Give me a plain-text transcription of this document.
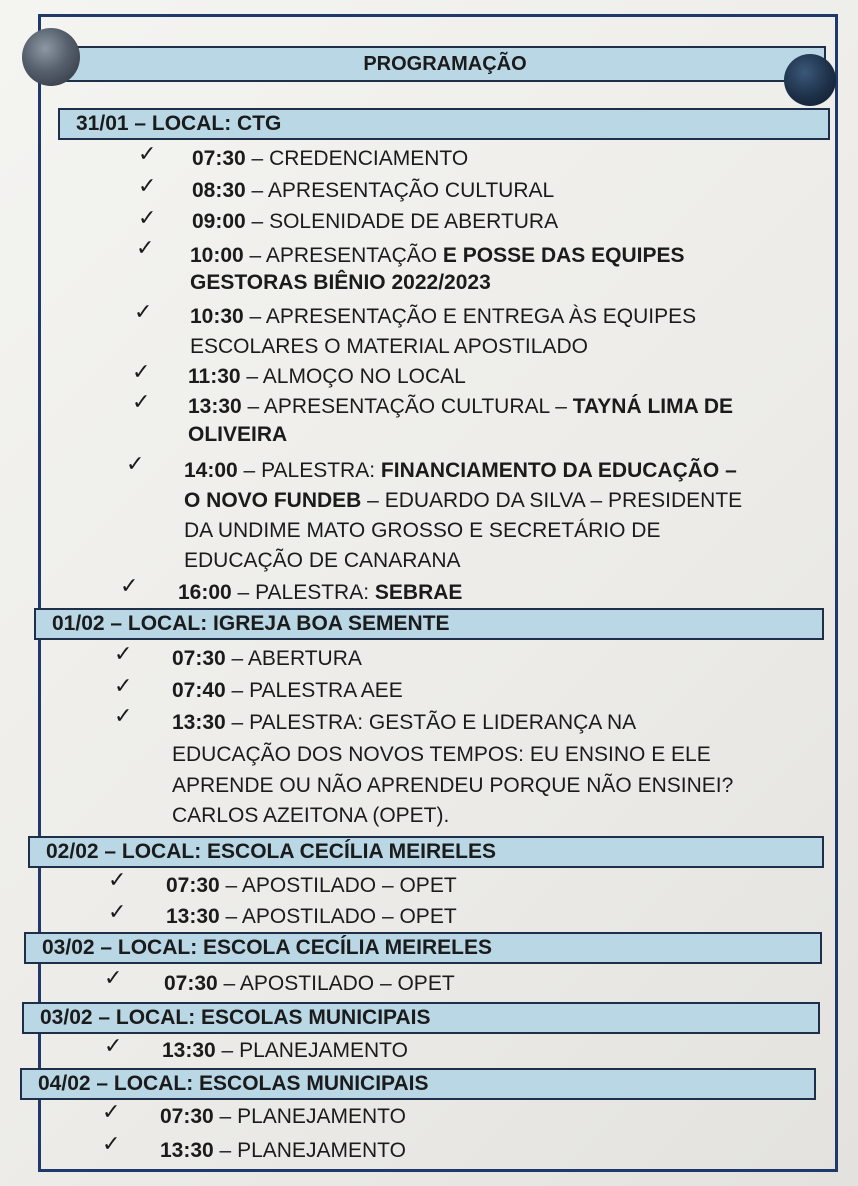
PROGRAMAÇÃO
31/01 – LOCAL: CTG
✓ 07:30 – CREDENCIAMENTO
✓ 08:30 – APRESENTAÇÃO CULTURAL
✓ 09:00 – SOLENIDADE DE ABERTURA
✓ 10:00 – APRESENTAÇÃO E POSSE DAS EQUIPES
GESTORAS BIÊNIO 2022/2023
✓ 10:30 – APRESENTAÇÃO E ENTREGA ÀS EQUIPES
ESCOLARES O MATERIAL APOSTILADO
✓ 11:30 – ALMOÇO NO LOCAL
✓ 13:30 – APRESENTAÇÃO CULTURAL – TAYNÁ LIMA DE
OLIVEIRA
✓ 14:00 – PALESTRA: FINANCIAMENTO DA EDUCAÇÃO –
O NOVO FUNDEB – EDUARDO DA SILVA – PRESIDENTE
DA UNDIME MATO GROSSO E SECRETÁRIO DE
EDUCAÇÃO DE CANARANA
✓ 16:00 – PALESTRA: SEBRAE
01/02 – LOCAL: IGREJA BOA SEMENTE
✓ 07:30 – ABERTURA
✓ 07:40 – PALESTRA AEE
✓ 13:30 – PALESTRA: GESTÃO E LIDERANÇA NA
EDUCAÇÃO DOS NOVOS TEMPOS: EU ENSINO E ELE
APRENDE OU NÃO APRENDEU PORQUE NÃO ENSINEI?
CARLOS AZEITONA (OPET).
02/02 – LOCAL: ESCOLA CECÍLIA MEIRELES
✓ 07:30 – APOSTILADO – OPET
✓ 13:30 – APOSTILADO – OPET
03/02 – LOCAL: ESCOLA CECÍLIA MEIRELES
✓ 07:30 – APOSTILADO – OPET
03/02 – LOCAL: ESCOLAS MUNICIPAIS
✓ 13:30 – PLANEJAMENTO
04/02 – LOCAL: ESCOLAS MUNICIPAIS
✓ 07:30 – PLANEJAMENTO
✓ 13:30 – PLANEJAMENTO
